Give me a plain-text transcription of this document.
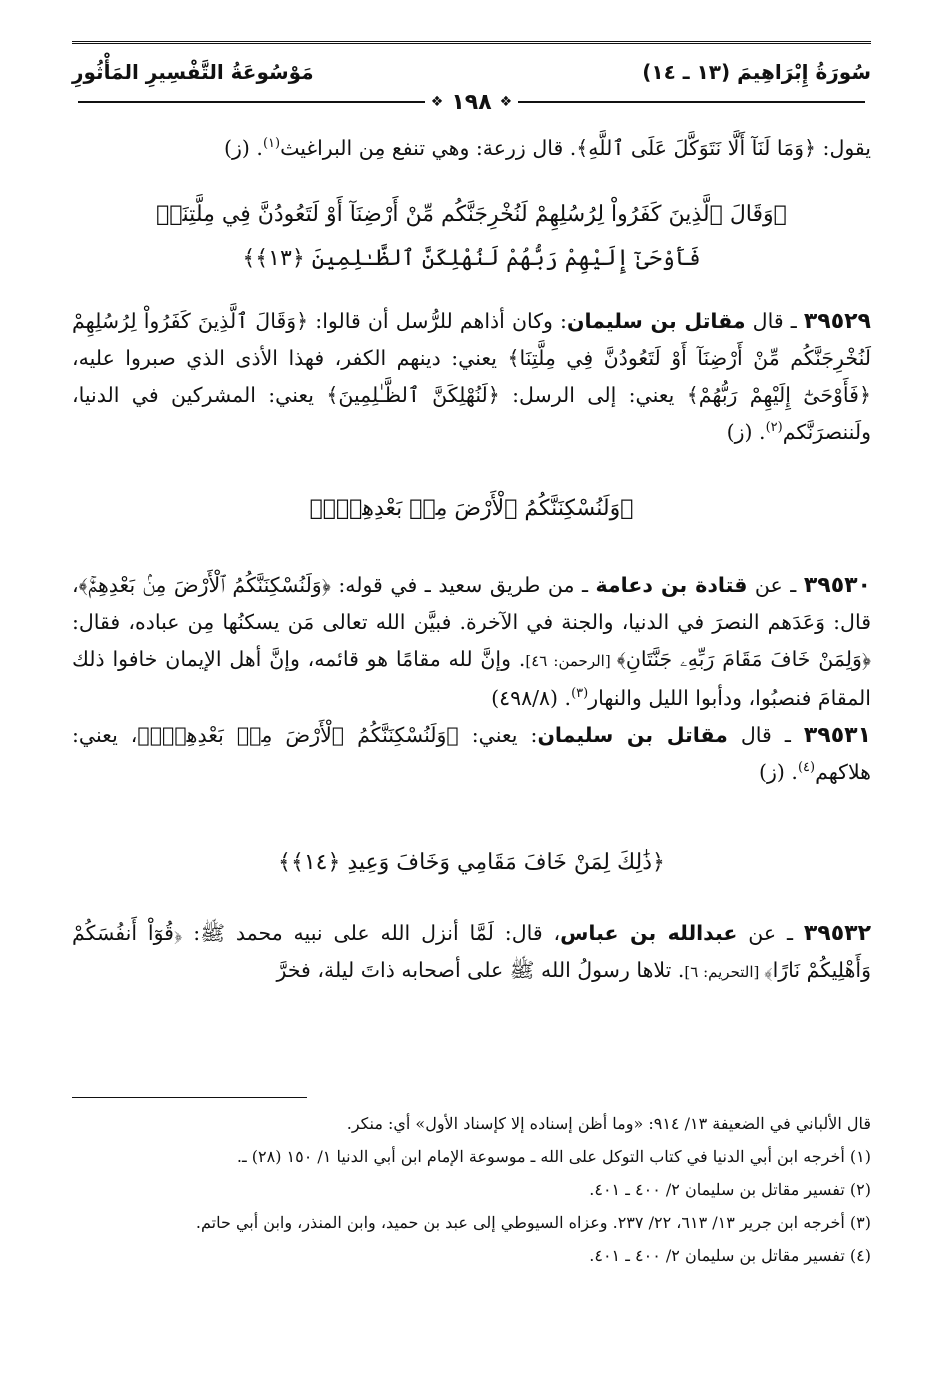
سُورَةُ إِبْرَاهِيمَ (١٣ ـ ١٤)
مَوْسُوعَةُ التَّفْسِيرِ المَأْثُورِ
❖
١٩٨
❖

يقول: ﴿وَمَا لَنَآ أَلَّا نَتَوَكَّلَ عَلَى ٱللَّهِ﴾. قال زرعة: وهي تنفع مِن البراغيث$^{(١)}$. (ز)

﴿وَقَالَ ٱلَّذِينَ كَفَرُواْ لِرُسُلِهِمْ لَنُخْرِجَنَّكُم مِّنْ أَرْضِنَآ أَوْ لَتَعُودُنَّ فِي مِلَّتِنَاۖ
فَأَوْحَىٰٓ إِلَيْهِمْ رَبُّهُمْ لَنُهْلِكَنَّ ٱلظَّـٰلِمِينَ ﴿١٣﴾﴾

٣٩٥٢٩ ـ قال مقاتل بن سليمان: وكان أذاهم للرُّسل أن قالوا: ﴿وَقَالَ ٱلَّذِينَ كَفَرُواْ لِرُسُلِهِمْ لَنُخْرِجَنَّكُم مِّنْ أَرْضِنَآ أَوْ لَتَعُودُنَّ فِي مِلَّتِنَا﴾ يعني: دينهم الكفر، فهذا الأذى الذي صبروا عليه، ﴿فَأَوْحَىٰٓ إِلَيْهِمْ رَبُّهُمْ﴾ يعني: إلى الرسل: ﴿لَنُهْلِكَنَّ ٱلظَّـٰلِمِينَ﴾ يعني: المشركين في الدنيا، ولَننصرَنَّكم$^{(٢)}$. (ز)

﴿وَلَنُسْكِنَنَّكُمُ ٱلْأَرْضَ مِنۢ بَعْدِهِمْۚ﴾

٣٩٥٣٠ ـ عن قتادة بن دعامة ـ من طريق سعيد ـ في قوله: ﴿وَلَنُسْكِنَنَّكُمُ ٱلْأَرْضَ مِنۢ بَعْدِهِمْۚ﴾، قال: وَعَدَهم النصرَ في الدنيا، والجنة في الآخرة. فبيَّن الله تعالى مَن يسكنُها مِن عباده، فقال: ﴿وَلِمَنْ خَافَ مَقَامَ رَبِّهِۦ جَنَّتَانِ﴾ [الرحمن: ٤٦]. وإنَّ لله مقامًا هو قائمه، وإنَّ أهل الإيمان خافوا ذلك المقامَ فنصبُوا، ودأبوا الليل والنهار$^{(٣)}$. (٤٩٨/٨)

٣٩٥٣١ ـ قال مقاتل بن سليمان: يعني: ﴿وَلَنُسْكِنَنَّكُمُ ٱلْأَرْضَ مِنۢ بَعْدِهِمْۚ﴾، يعني: هلاكهم$^{(٤)}$. (ز)

﴿ذَٰلِكَ لِمَنْ خَافَ مَقَامِي وَخَافَ وَعِيدِ ﴿١٤﴾﴾

٣٩٥٣٢ ـ عن عبدالله بن عباس، قال: لَمَّا أنزل الله على نبيه محمد ﷺ: ﴿قُوٓاْ أَنفُسَكُمْ وَأَهْلِيكُمْ نَارًا﴾ [التحريم: ٦]. تلاها رسولُ الله ﷺ على أصحابه ذاتَ ليلة، فخرَّ

قال الألباني في الضعيفة ١٣/ ٩١٤: «وما أظن إسناده إلا كإسناد الأول» أي: منكر.

(١) أخرجه ابن أبي الدنيا في كتاب التوكل على الله ـ موسوعة الإمام ابن أبي الدنيا ١/ ١٥٠ (٢٨) ـ.

(٢) تفسير مقاتل بن سليمان ٢/ ٤٠٠ ـ ٤٠١.

(٣) أخرجه ابن جرير ١٣/ ٦١٣، ٢٢/ ٢٣٧. وعزاه السيوطي إلى عبد بن حميد، وابن المنذر، وابن أبي حاتم.

(٤) تفسير مقاتل بن سليمان ٢/ ٤٠٠ ـ ٤٠١.
